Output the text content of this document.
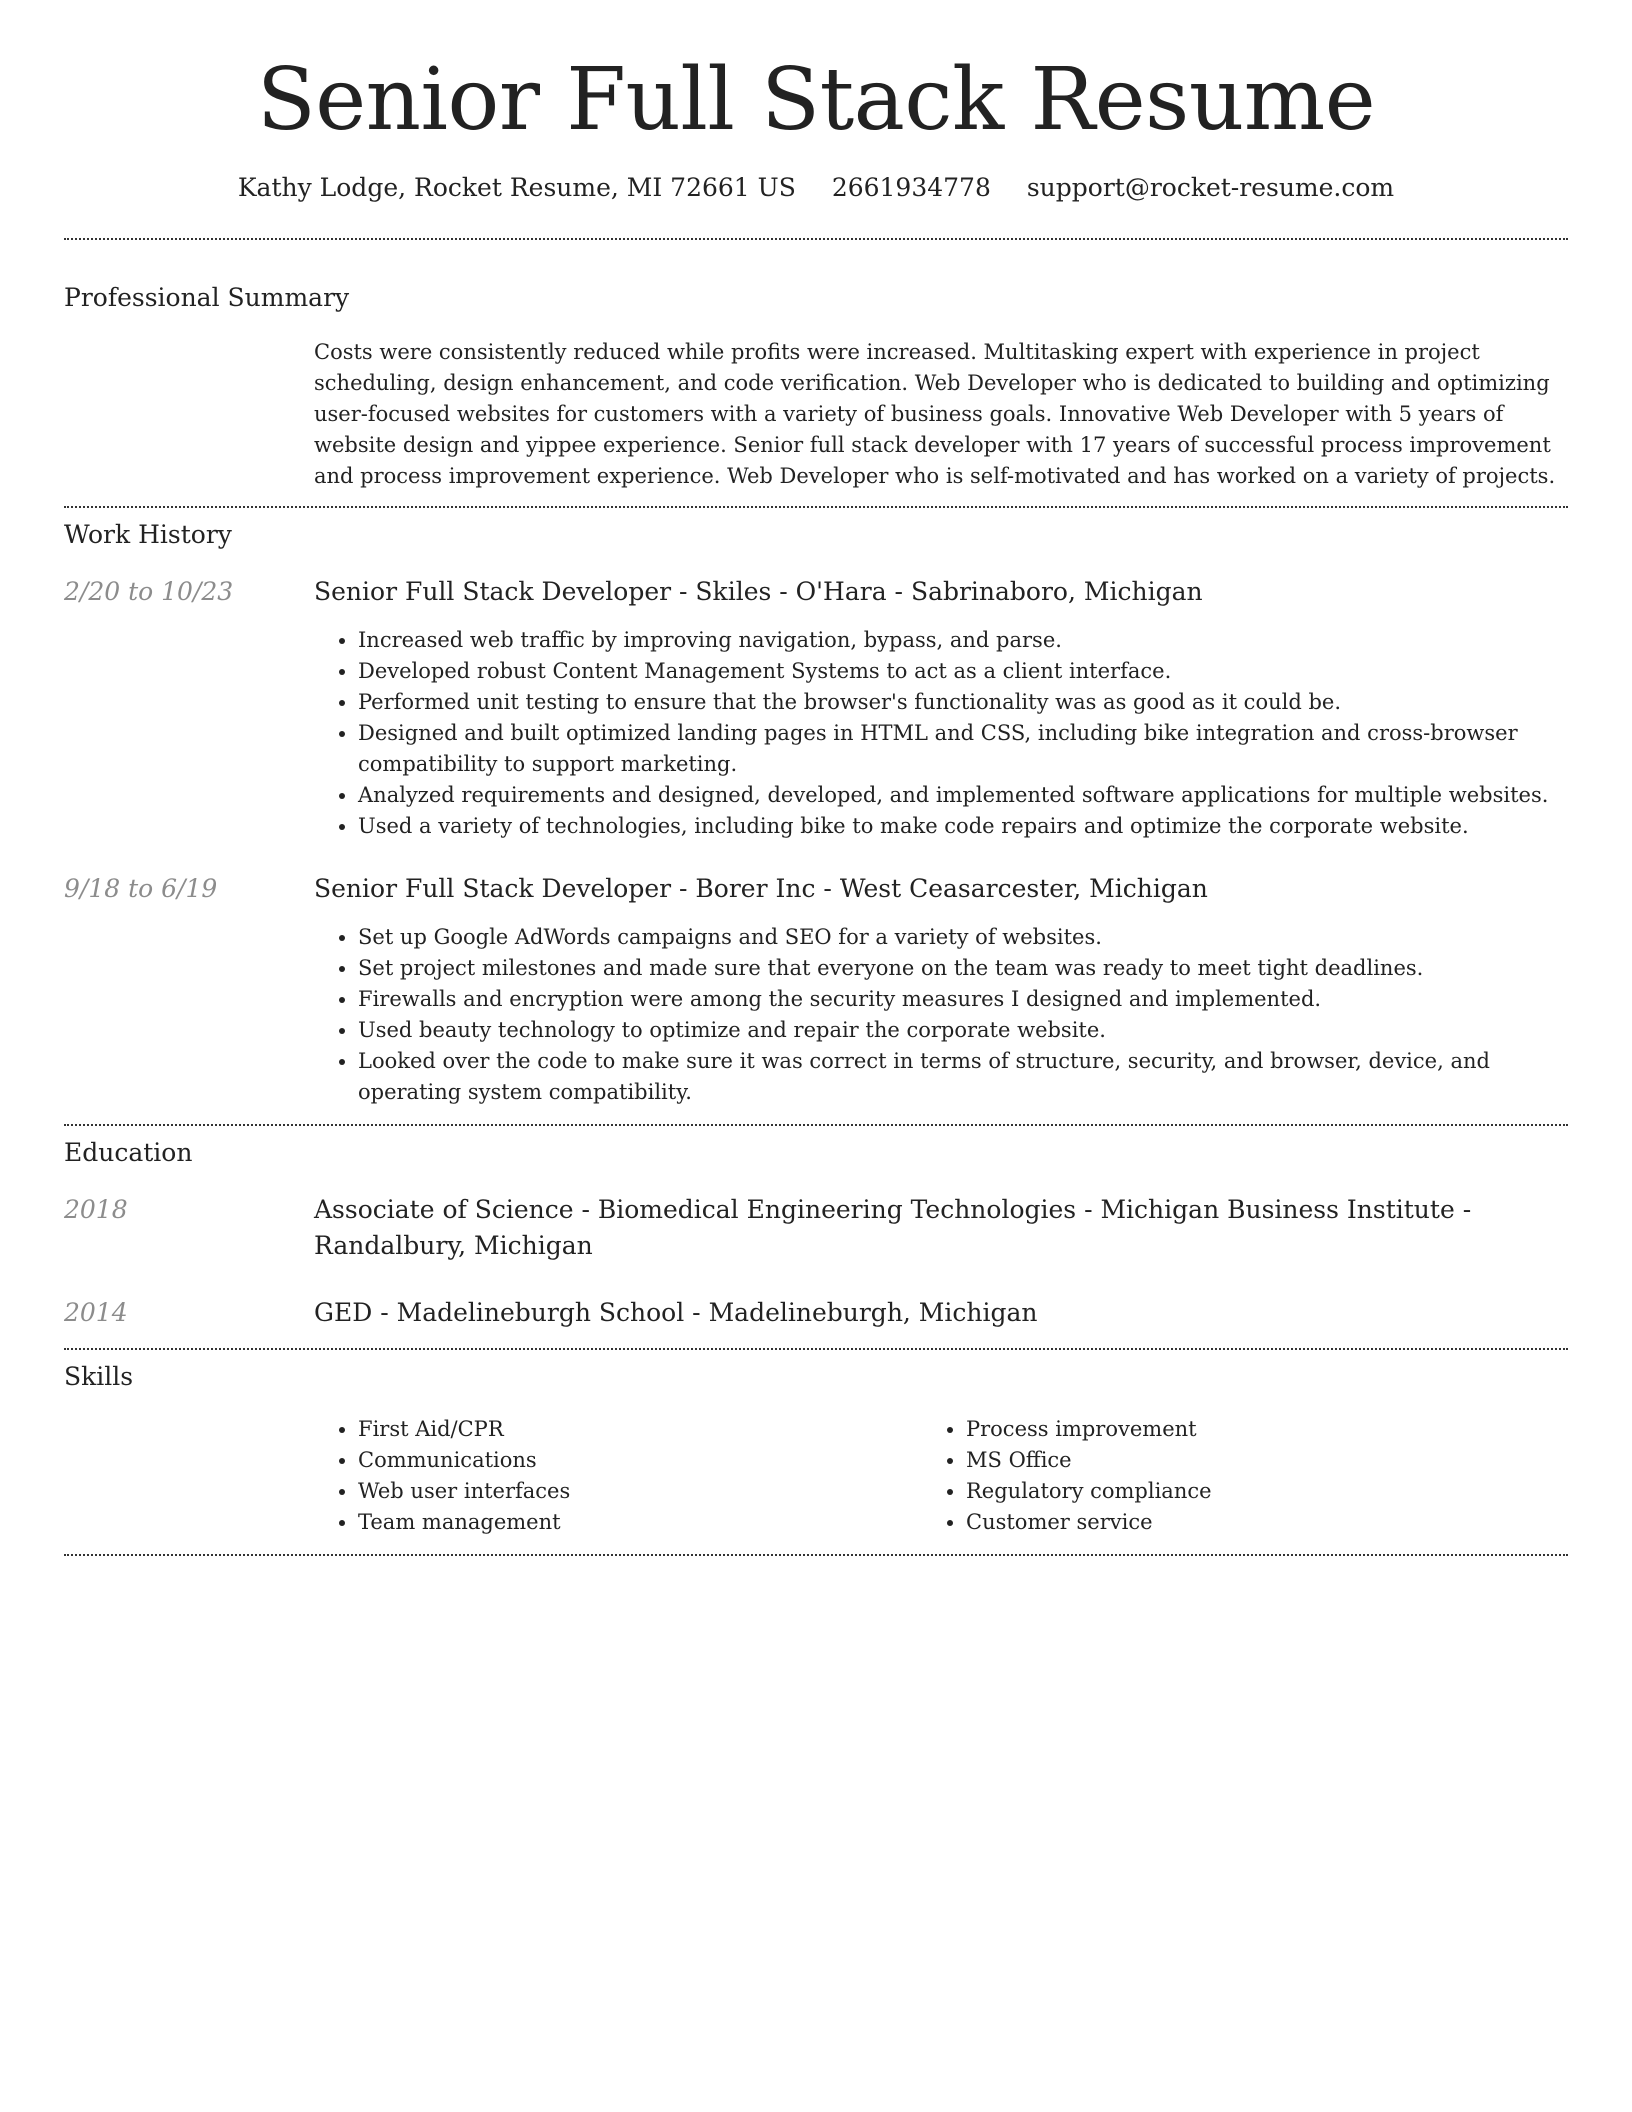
Senior Full Stack Resume
Kathy Lodge, Rocket Resume, MI 72661 US 2661934778 support@rocket-resume.com
Professional Summary
Costs were consistently reduced while profits were increased. Multitasking expert with experience in project scheduling, design enhancement, and code verification. Web Developer who is dedicated to building and optimizing user-focused websites for customers with a variety of business goals. Innovative Web Developer with 5 years of website design and yippee experience. Senior full stack developer with 17 years of successful process improvement and process improvement experience. Web Developer who is self-motivated and has worked on a variety of projects.
Work History
2/20 to 10/23	Senior Full Stack Developer - Skiles - O'Hara - Sabrinaboro, Michigan
• Increased web traffic by improving navigation, bypass, and parse.
• Developed robust Content Management Systems to act as a client interface.
• Performed unit testing to ensure that the browser's functionality was as good as it could be.
• Designed and built optimized landing pages in HTML and CSS, including bike integration and cross-browser compatibility to support marketing.
• Analyzed requirements and designed, developed, and implemented software applications for multiple websites.
• Used a variety of technologies, including bike to make code repairs and optimize the corporate website.
9/18 to 6/19	Senior Full Stack Developer - Borer Inc - West Ceasarcester, Michigan
• Set up Google AdWords campaigns and SEO for a variety of websites.
• Set project milestones and made sure that everyone on the team was ready to meet tight deadlines.
• Firewalls and encryption were among the security measures I designed and implemented.
• Used beauty technology to optimize and repair the corporate website.
• Looked over the code to make sure it was correct in terms of structure, security, and browser, device, and operating system compatibility.
Education
2018	Associate of Science - Biomedical Engineering Technologies - Michigan Business Institute - Randalbury, Michigan
2014	GED - Madelineburgh School - Madelineburgh, Michigan
Skills
• First Aid/CPR
• Communications
• Web user interfaces
• Team management
• Process improvement
• MS Office
• Regulatory compliance
• Customer service
